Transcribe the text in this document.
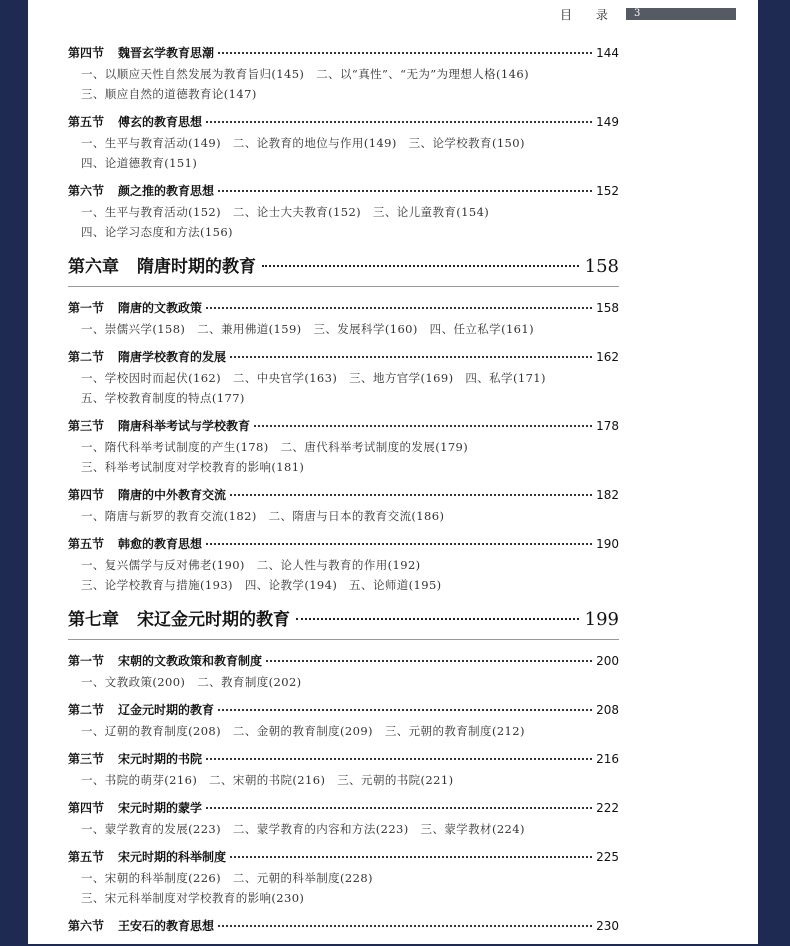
目 录	3
第四节	魏晋玄学教育思潮	144
一、以顺应天性自然发展为教育旨归(145)　二、以“真性”、“无为”为理想人格(146)
三、顺应自然的道德教育论(147)
第五节	傅玄的教育思想	149
一、生平与教育活动(149)　二、论教育的地位与作用(149)　三、论学校教育(150)
四、论道德教育(151)
第六节	颜之推的教育思想	152
一、生平与教育活动(152)　二、论士大夫教育(152)　三、论儿童教育(154)
四、论学习态度和方法(156)
第六章 隋唐时期的教育	158
第一节	隋唐的文教政策	158
一、崇儒兴学(158)　二、兼用佛道(159)　三、发展科学(160)　四、任立私学(161)
第二节	隋唐学校教育的发展	162
一、学校因时而起伏(162)　二、中央官学(163)　三、地方官学(169)　四、私学(171)
五、学校教育制度的特点(177)
第三节	隋唐科举考试与学校教育	178
一、隋代科举考试制度的产生(178)　二、唐代科举考试制度的发展(179)
三、科举考试制度对学校教育的影响(181)
第四节	隋唐的中外教育交流	182
一、隋唐与新罗的教育交流(182)　二、隋唐与日本的教育交流(186)
第五节	韩愈的教育思想	190
一、复兴儒学与反对佛老(190)　二、论人性与教育的作用(192)
三、论学校教育与措施(193)　四、论教学(194)　五、论师道(195)
第七章 宋辽金元时期的教育	199
第一节	宋朝的文教政策和教育制度	200
一、文教政策(200)　二、教育制度(202)
第二节	辽金元时期的教育	208
一、辽朝的教育制度(208)　二、金朝的教育制度(209)　三、元朝的教育制度(212)
第三节	宋元时期的书院	216
一、书院的萌芽(216)　二、宋朝的书院(216)　三、元朝的书院(221)
第四节	宋元时期的蒙学	222
一、蒙学教育的发展(223)　二、蒙学教育的内容和方法(223)　三、蒙学教材(224)
第五节	宋元时期的科举制度	225
一、宋朝的科举制度(226)　二、元朝的科举制度(228)
三、宋元科举制度对学校教育的影响(230)
第六节	王安石的教育思想	230
